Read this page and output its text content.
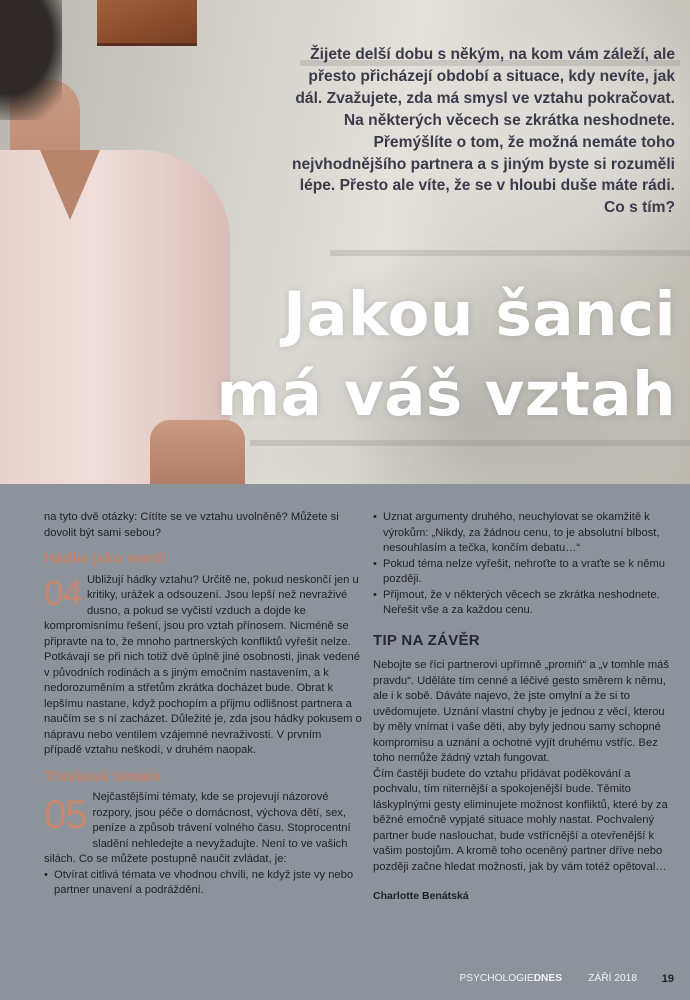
Žijete delší dobu s někým, na kom vám záleží, ale přesto přicházejí období a situace, kdy nevíte, jak dál. Zvažujete, zda má smysl ve vztahu pokračovat. Na některých věcech se zkrátka neshodnete. Přemýšlíte o tom, že možná nemáte toho nejvhodnějšího partnera a s jiným byste si rozuměli lépe. Přesto ale víte, že se v hloubi duše máte rádi. Co s tím?

Jakou šanci
má váš vztah

na tyto dvě otázky: Cítíte se ve vztahu uvolněně? Můžete si dovolit být sami sebou?

Hádka jako ventil
04 Ubližují hádky vztahu? Určitě ne, pokud neskončí jen u kritiky, urážek a odsouzení. Jsou lepší než nevraživé dusno, a pokud se vyčistí vzduch a dojde ke kompromisnímu řešení, jsou pro vztah přínosem. Nicméně se připravte na to, že mnoho partnerských konfliktů vyřešit nelze. Potkávají se při nich totiž dvě úplně jiné osobnosti, jinak vedené v původních rodinách a s jiným emočním nastavením, a k nedorozuměním a střetům zkrátka docházet bude. Obrat k lepšímu nastane, když pochopím a přijmu odlišnost partnera a naučím se s ní zacházet. Důležité je, zda jsou hádky pokusem o nápravu nebo ventilem vzájemné nevraživosti. V prvním případě vztahu neškodí, v druhém naopak.

Třaskavá témata
05 Nejčastějšími tématy, kde se projevují názorové rozpory, jsou péče o domácnost, výchova dětí, sex, peníze a způsob trávení volného času. Stoprocentní sladění nehledejte a nevyžadujte. Není to ve vašich silách. Co se můžete postupně naučit zvládat, je:

• Otvírat citlivá témata ve vhodnou chvíli, ne když jste vy nebo partner unavení a podráždění.
• Uznat argumenty druhého, neuchylovat se okamžitě k výrokům: „Nikdy, za žádnou cenu, to je absolutní blbost, nesouhlasím a tečka, končím debatu…“
• Pokud téma nelze vyřešit, nehroťte to a vraťte se k němu později.
• Přijmout, že v některých věcech se zkrátka neshodnete. Neřešit vše a za každou cenu.
TIP NA ZÁVĚR

Nebojte se říci partnerovi upřímně „promiň“ a „v tomhle máš pravdu“. Uděláte tím cenné a léčivé gesto směrem k němu, ale i k sobě. Dáváte najevo, že jste omylní a že si to uvědomujete. Uznání vlastní chyby je jednou z věcí, kterou by měly vnímat i vaše děti, aby byly jednou samy schopné kompromisu a uznání a ochotné vyjít druhému vstříc. Bez toho nemůže žádný vztah fungovat.

Čím častěji budete do vztahu přidávat poděkování a pochvalu, tím niternější a spokojenější bude. Těmito láskyplnými gesty eliminujete možnost konfliktů, které by za běžné emočně vypjaté situace mohly nastat. Pochvalený partner bude naslouchat, bude vstřícnější a otevřenější k vašim postojům. A kromě toho oceněný partner dříve nebo později začne hledat možnosti, jak by vám totéž opětoval…

Charlotte Benátská
PSYCHOLOGIEDNES	ZÁŘÍ 2018 19
